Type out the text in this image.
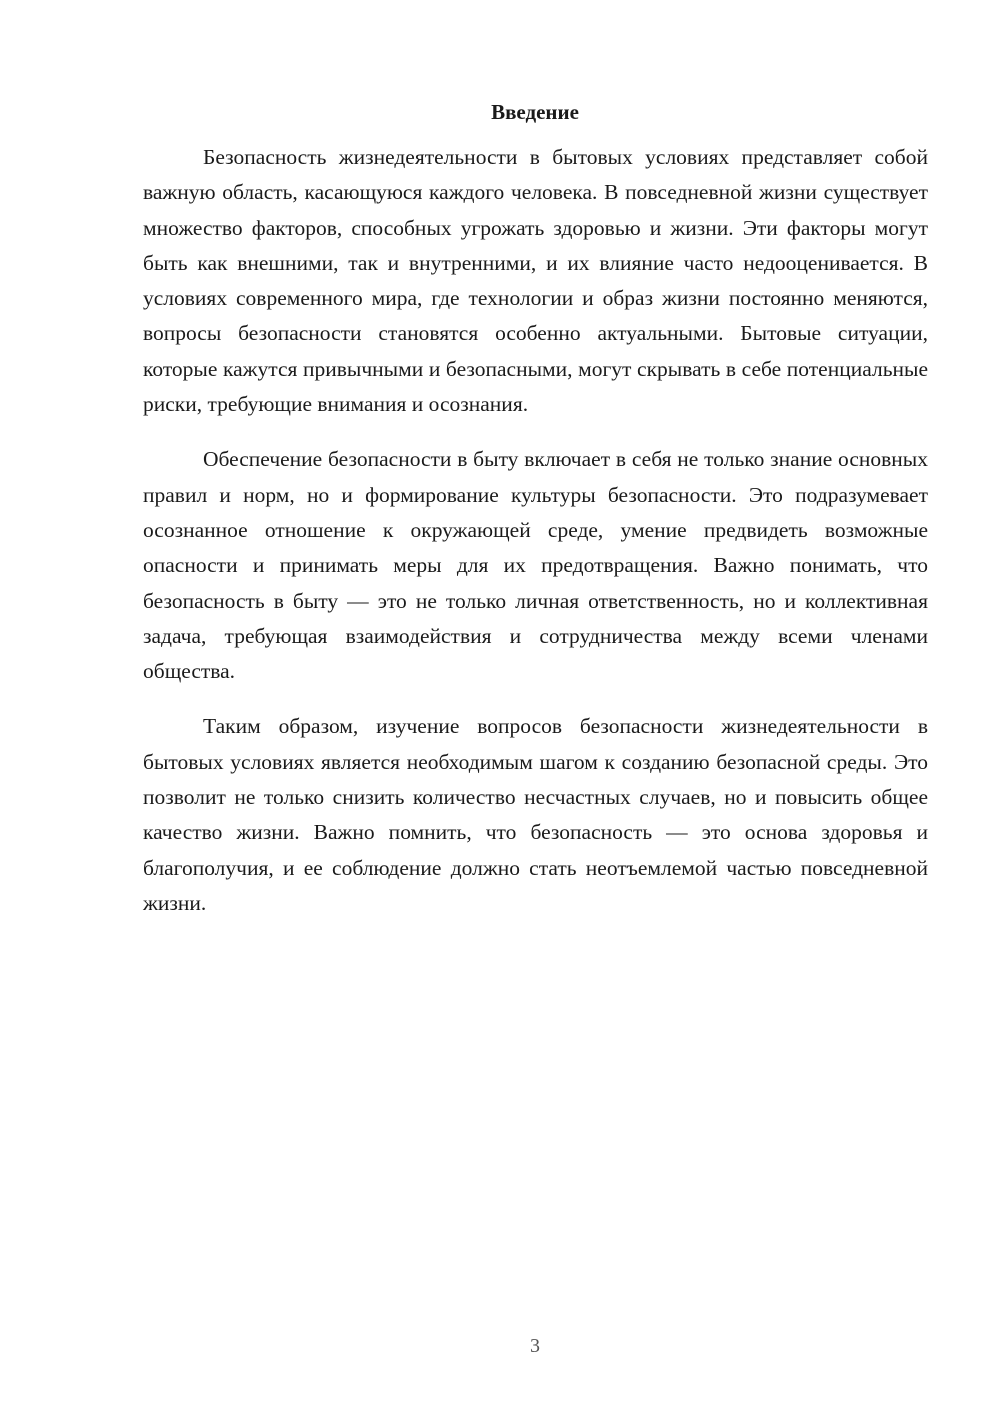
Введение

Безопасность жизнедеятельности в бытовых условиях представляет собой важную область, касающуюся каждого человека. В повседневной жизни существует множество факторов, способных угрожать здоровью и жизни. Эти факторы могут быть как внешними, так и внутренними, и их влияние часто недооценивается. В условиях современного мира, где технологии и образ жизни постоянно меняются, вопросы безопасности становятся особенно актуальными. Бытовые ситуации, которые кажутся привычными и безопасными, могут скрывать в себе потенциальные риски, требующие внимания и осознания.

Обеспечение безопасности в быту включает в себя не только знание основных правил и норм, но и формирование культуры безопасности. Это подразумевает осознанное отношение к окружающей среде, умение предвидеть возможные опасности и принимать меры для их предотвращения. Важно понимать, что безопасность в быту — это не только личная ответственность, но и коллективная задача, требующая взаимодействия и сотрудничества между всеми членами общества.

Таким образом, изучение вопросов безопасности жизнедеятельности в бытовых условиях является необходимым шагом к созданию безопасной среды. Это позволит не только снизить количество несчастных случаев, но и повысить общее качество жизни. Важно помнить, что безопасность — это основа здоровья и благополучия, и ее соблюдение должно стать неотъемлемой частью повседневной жизни.

3
